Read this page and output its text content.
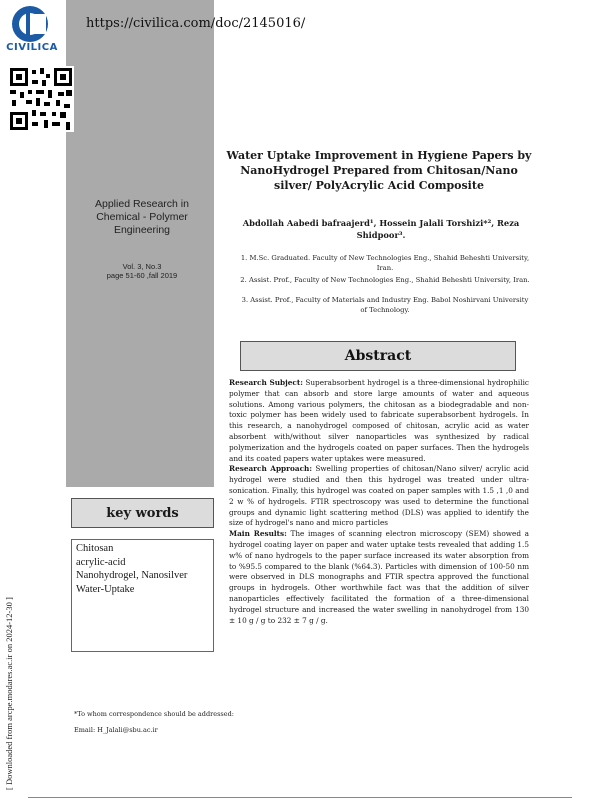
CIVILICA
https://civilica.com/doc/2145016/
Applied Research in Chemical - Polymer Engineering
Vol. 3, No.3
page 51-60 ,fall 2019
Water Uptake Improvement in Hygiene Papers by NanoHydrogel Prepared from Chitosan/Nano silver/ PolyAcrylic Acid Composite
Abdollah Aabedi bafraajerd¹, Hossein Jalali Torshizi*², Reza Shidpoor³.
1. M.Sc. Graduated. Faculty of New Technologies Eng., Shahid Beheshti University, Iran.
2. Assist. Prof., Faculty of New Technologies Eng., Shahid Beheshti University, Iran.
3. Assist. Prof., Faculty of Materials and Industry Eng. Babol Noshirvani University of Technology.
Abstract

Research Subject: Superabsorbent hydrogel is a three-dimensional hydrophilic polymer that can absorb and store large amounts of water and aqueous solutions. Among various polymers, the chitosan as a biodegradable and non-toxic polymer has been widely used to fabricate superabsorbent hydrogels. In this research, a nanohydrogel composed of chitosan, acrylic acid as water absorbent with/without silver nanoparticles was synthesized by radical polymerization and the hydrogels coated on paper surfaces. Then the hydrogels and its coated papers water uptakes were measured.

Research Approach: Swelling properties of chitosan/Nano silver/ acrylic acid hydrogel were studied and then this hydrogel was treated under ultra-sonication. Finally, this hydrogel was coated on paper samples with 1.5 ,1 ,0 and 2 w % of hydrogels. FTIR spectroscopy was used to determine the functional groups and dynamic light scattering method (DLS) was applied to identify the size of hydrogel's nano and micro particles

Main Results: The images of scanning electron microscopy (SEM) showed a hydrogel coating layer on paper and water uptake tests revealed that adding 1.5 w% of nano hydrogels to the paper surface increased its water absorption from to %95.5 compared to the blank (%64.3). Particles with dimension of 100-50 nm were observed in DLS monographs and FTIR spectra approved the functional groups in hydrogels. Other worthwhile fact was that the addition of silver nanoparticles effectively facilitated the formation of a three-dimensional hydrogel structure and increased the water swelling in nanohydrogel from 130 ± 10 g / g to 232 ± 7 g / g.

key words
Chitosan
acrylic-acid
Nanohydrogel, Nanosilver
Water-Uptake
[ Downloaded from arcpe.modares.ac.ir on 2024-12-30 ]	*To whom correspondence should be addressed:
Email: H_Jalali@sbu.ac.ir
